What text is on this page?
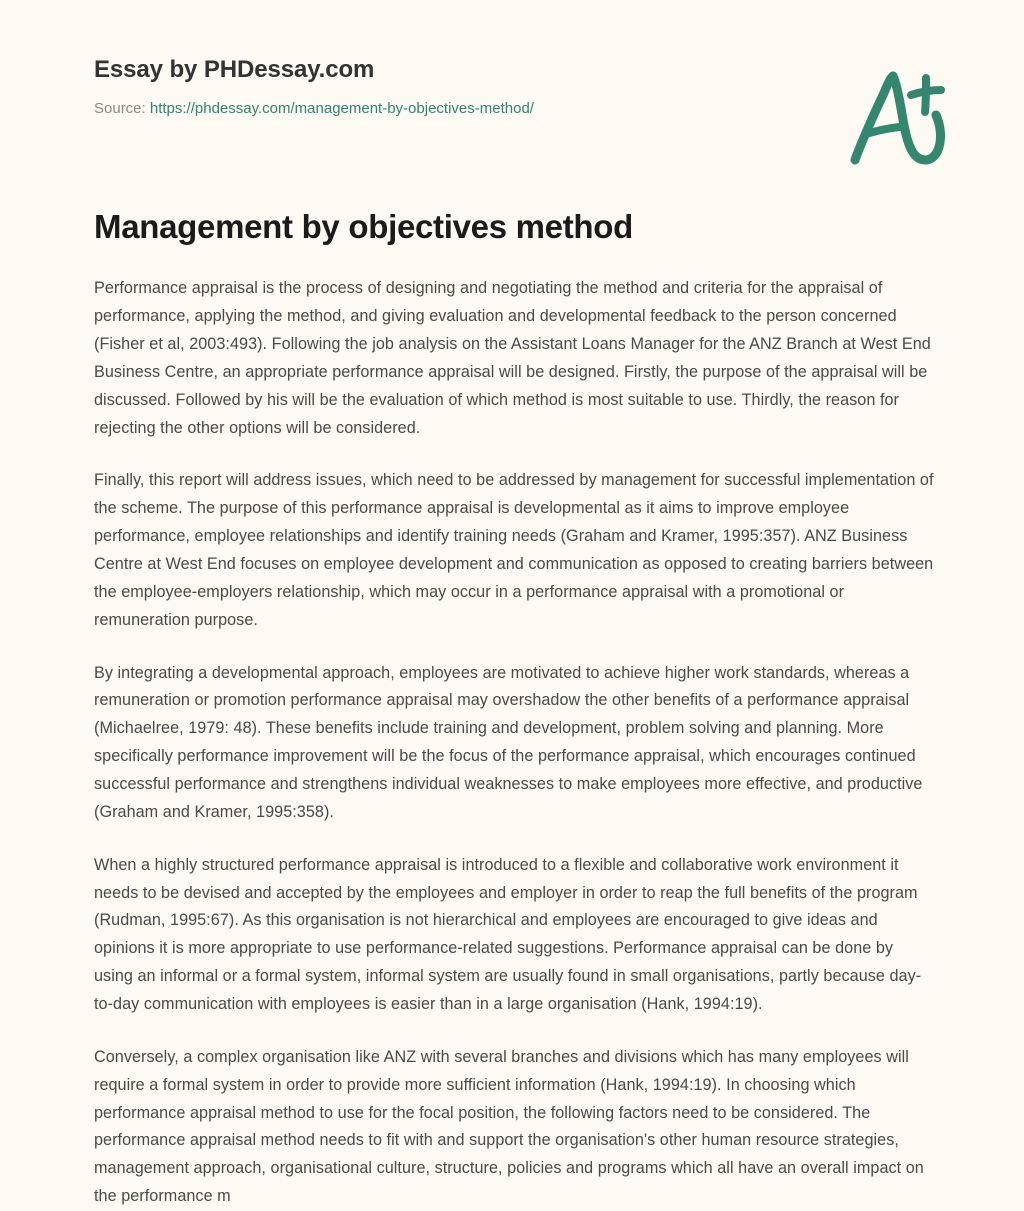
Essay by PHDessay.com
Source: https://phdessay.com/management-by-objectives-method/
Management by objectives method

Performance appraisal is the process of designing and negotiating the method and criteria for the appraisal of performance, applying the method, and giving evaluation and developmental feedback to the person concerned (Fisher et al, 2003:493). Following the job analysis on the Assistant Loans Manager for the ANZ Branch at West End Business Centre, an appropriate performance appraisal will be designed. Firstly, the purpose of the appraisal will be discussed. Followed by his will be the evaluation of which method is most suitable to use. Thirdly, the reason for rejecting the other options will be considered.

Finally, this report will address issues, which need to be addressed by management for successful implementation of the scheme. The purpose of this performance appraisal is developmental as it aims to improve employee performance, employee relationships and identify training needs (Graham and Kramer, 1995:357). ANZ Business Centre at West End focuses on employee development and communication as opposed to creating barriers between the employee-employers relationship, which may occur in a performance appraisal with a promotional or remuneration purpose.

By integrating a developmental approach, employees are motivated to achieve higher work standards, whereas a remuneration or promotion performance appraisal may overshadow the other benefits of a performance appraisal (Michaelree, 1979: 48). These benefits include training and development, problem solving and planning. More specifically performance improvement will be the focus of the performance appraisal, which encourages continued successful performance and strengthens individual weaknesses to make employees more effective, and productive (Graham and Kramer, 1995:358).

When a highly structured performance appraisal is introduced to a flexible and collaborative work environment it needs to be devised and accepted by the employees and employer in order to reap the full benefits of the program (Rudman, 1995:67). As this organisation is not hierarchical and employees are encouraged to give ideas and opinions it is more appropriate to use performance-related suggestions. Performance appraisal can be done by using an informal or a formal system, informal system are usually found in small organisations, partly because day-to-day communication with employees is easier than in a large organisation (Hank, 1994:19).

Conversely, a complex organisation like ANZ with several branches and divisions which has many employees will require a formal system in order to provide more sufficient information (Hank, 1994:19). In choosing which performance appraisal method to use for the focal position, the following factors need to be considered. The performance appraisal method needs to fit with and support the organisation's other human resource strategies, management approach, organisational culture, structure, policies and programs which all have an overall impact on the performance m
